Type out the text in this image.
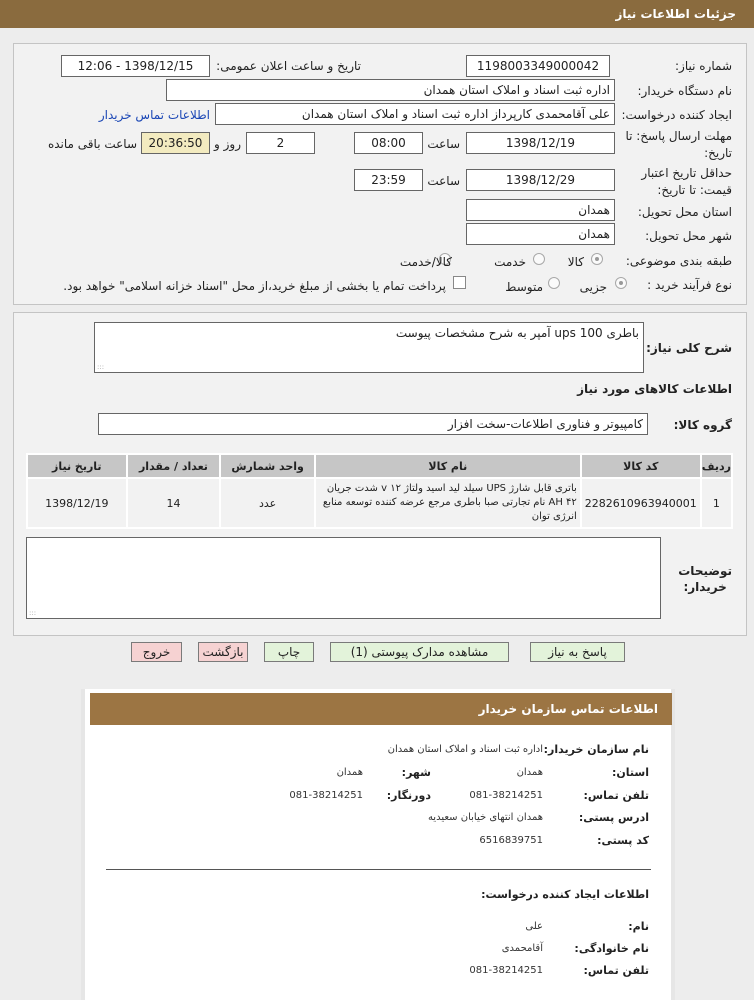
جزئیات اطلاعات نیاز
شماره نیاز:
1198003349000042
تاریخ و ساعت اعلان عمومی:
1398/12/15 - 12:06
نام دستگاه خریدار:
اداره ثبت اسناد و املاک استان همدان
ایجاد کننده درخواست:
علی آقامحمدی کارپرداز اداره ثبت اسناد و املاک استان همدان
اطلاعات تماس خریدار
مهلت ارسال پاسخ: تا
تاریخ:
1398/12/19
ساعت
08:00
2
روز و
20:36:50
ساعت باقی مانده
حداقل تاریخ اعتبار
قیمت: تا تاریخ:
1398/12/29
ساعت
23:59
استان محل تحویل:
همدان
شهر محل تحویل:
همدان
طبقه بندی موضوعی:
کالا
خدمت
کالا/خدمت
نوع فرآیند خرید :
جزیی
متوسط
پرداخت تمام یا بخشی از مبلغ خرید،از محل "اسناد خزانه اسلامی" خواهد بود.
شرح کلی نیاز:
باطری 100 ups آمپر به شرح مشخصات پیوست
:::
اطلاعات کالاهای مورد نیاز
گروه کالا:
کامپیوتر و فناوری اطلاعات-سخت افزار
ردیف	کد کالا	نام کالا	واحد شمارش	تعداد / مقدار	تاریخ نیاز
1	2282610963940001	باتری قابل شارژ UPS سیلد لید اسید ولتاژ ۱۲ v شدت جریان ۴۲ AH نام تجارتی صبا باطری مرجع عرضه کننده توسعه منابع انرژی توان	عدد	14	1398/12/19
توضیحات
خریدار:
:::
پاسخ به نیاز
مشاهده مدارک پیوستی (1)
چاپ
بازگشت
خروج
اطلاعات تماس سازمان خریدار
نام سازمان خریدار:
اداره ثبت اسناد و املاک استان همدان
استان:
همدان
شهر:
همدان
تلفن تماس:
081-38214251
دورنگار:
081-38214251
ادرس پستی:
همدان انتهای خیابان سعیدیه
کد پستی:
6516839751
اطلاعات ایجاد کننده درخواست:
نام:
علی
نام خانوادگی:
آقامحمدی
تلفن تماس:
081-38214251
